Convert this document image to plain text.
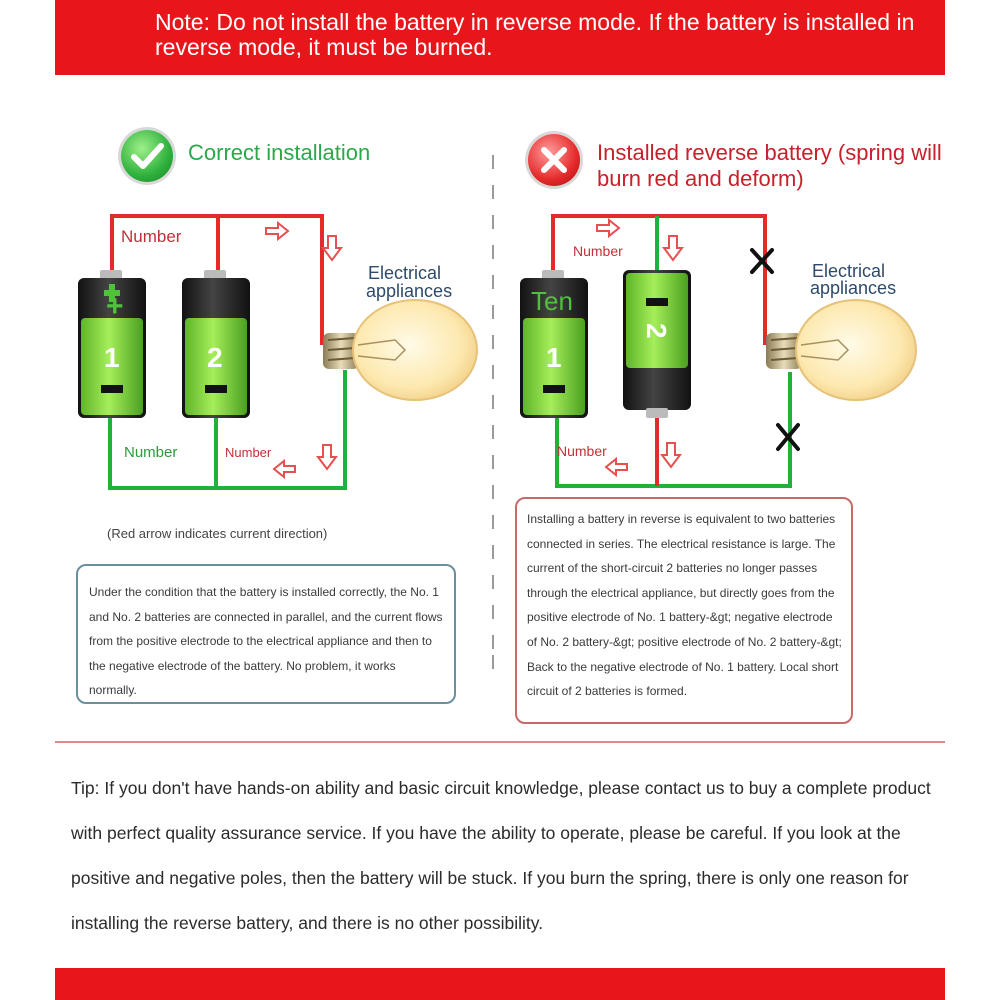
Note: Do not install the battery in reverse mode. If the battery is installed in reverse mode, it must be burned.
Correct installation	Installed reverse battery (spring will burn red and deform)
Number
Number	Number
+
1	2
Electrical
appliances
Number
Number
Ten
1
2
Electrical
appliances
(Red arrow indicates current direction)
Under the condition that the battery is installed correctly, the No. 1 and No. 2 batteries are connected in parallel, and the current flows from the positive electrode to the electrical appliance and then to the negative electrode of the battery. No problem, it works normally.
Installing a battery in reverse is equivalent to two batteries connected in series. The electrical resistance is large. The current of the short-circuit 2 batteries no longer passes through the electrical appliance, but directly goes from the positive electrode of No. 1 battery-&gt; negative electrode of No. 2 battery-&gt; positive electrode of No. 2 battery-&gt; Back to the negative electrode of No. 1 battery. Local short circuit of 2 batteries is formed.
Tip: If you don't have hands-on ability and basic circuit knowledge, please contact us to buy a complete product with perfect quality assurance service. If you have the ability to operate, please be careful. If you look at the positive and negative poles, then the battery will be stuck. If you burn the spring, there is only one reason for installing the reverse battery, and there is no other possibility.
